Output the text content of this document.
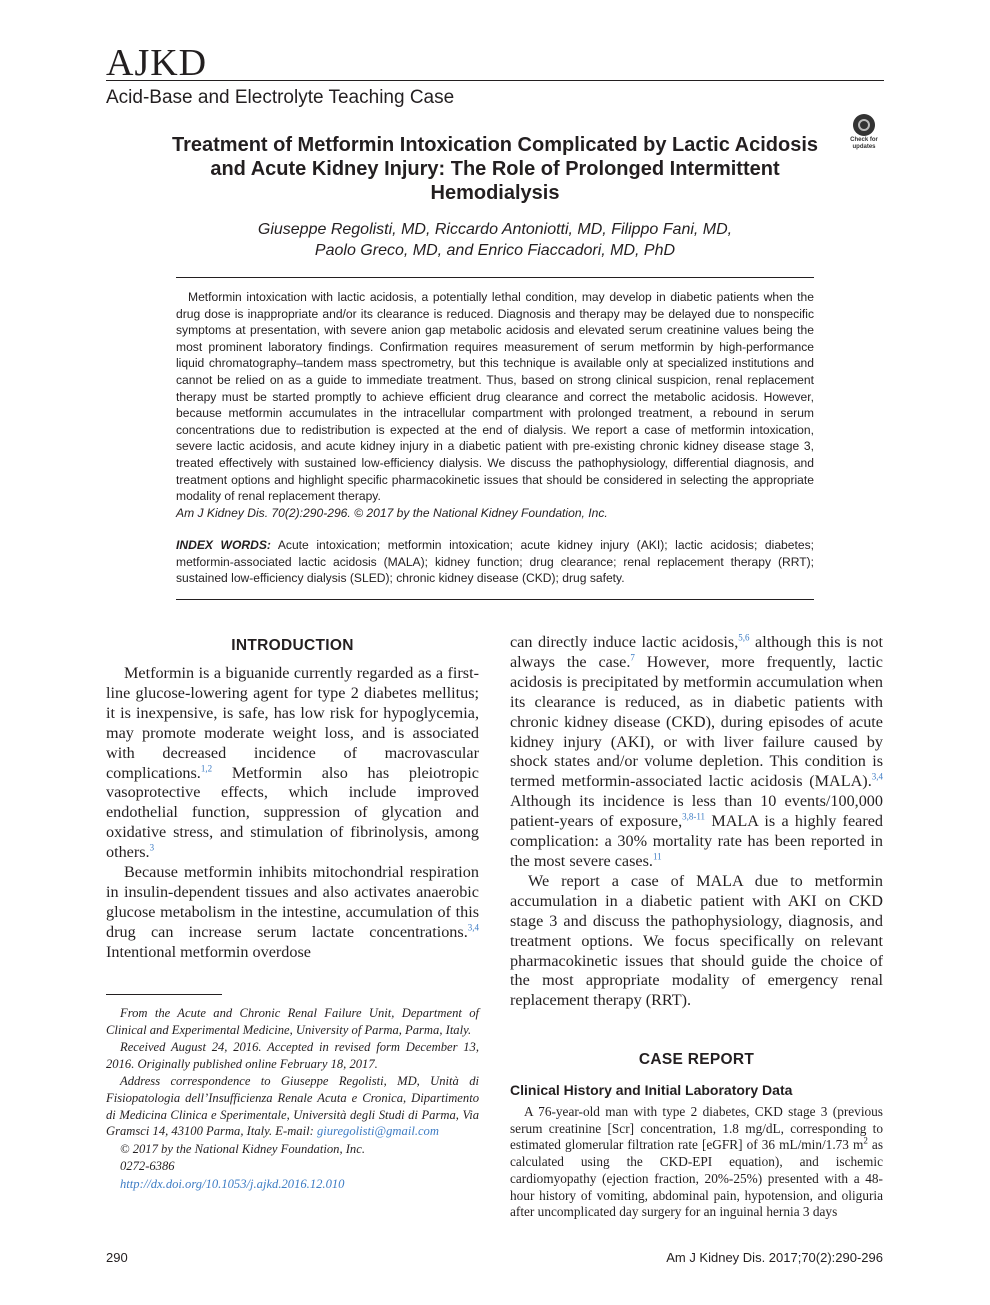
AJKD
Acid-Base and Electrolyte Teaching Case
Check for updates
Treatment of Metformin Intoxication Complicated by Lactic Acidosis and Acute Kidney Injury: The Role of Prolonged Intermittent Hemodialysis
Giuseppe Regolisti, MD, Riccardo Antoniotti, MD, Filippo Fani, MD,
Paolo Greco, MD, and Enrico Fiaccadori, MD, PhD
Metformin intoxication with lactic acidosis, a potentially lethal condition, may develop in diabetic patients when the drug dose is inappropriate and/or its clearance is reduced. Diagnosis and therapy may be delayed due to nonspecific symptoms at presentation, with severe anion gap metabolic acidosis and elevated serum creatinine values being the most prominent laboratory findings. Confirmation requires measurement of serum metformin by high-performance liquid chromatography–tandem mass spectrometry, but this technique is available only at specialized institutions and cannot be relied on as a guide to immediate treatment. Thus, based on strong clinical suspicion, renal replacement therapy must be started promptly to achieve efficient drug clearance and correct the metabolic acidosis. However, because metformin accumulates in the intracellular compartment with prolonged treatment, a rebound in serum concentrations due to redistribution is expected at the end of dialysis. We report a case of metformin intoxication, severe lactic acidosis, and acute kidney injury in a diabetic patient with pre-existing chronic kidney disease stage 3, treated effectively with sustained low-efficiency dialysis. We discuss the pathophysiology, differential diagnosis, and treatment options and highlight specific pharmacokinetic issues that should be considered in selecting the appropriate modality of renal replacement therapy.
Am J Kidney Dis. 70(2):290-296. © 2017 by the National Kidney Foundation, Inc.
INDEX WORDS: Acute intoxication; metformin intoxication; acute kidney injury (AKI); lactic acidosis; diabetes; metformin-associated lactic acidosis (MALA); kidney function; drug clearance; renal replacement therapy (RRT); sustained low-efficiency dialysis (SLED); chronic kidney disease (CKD); drug safety.
INTRODUCTION

Metformin is a biguanide currently regarded as a first-line glucose-lowering agent for type 2 diabetes mellitus; it is inexpensive, is safe, has low risk for hypoglycemia, may promote moderate weight loss, and is associated with decreased incidence of macrovascular complications.$^{1,2}$ Metformin also has pleiotropic vasoprotective effects, which include improved endothelial function, suppression of glycation and oxidative stress, and stimulation of fibrinolysis, among others.$^3$

Because metformin inhibits mitochondrial respiration in insulin-dependent tissues and also activates anaerobic glucose metabolism in the intestine, accumulation of this drug can increase serum lactate concentrations.$^{3,4}$ Intentional metformin overdose

can directly induce lactic acidosis,$^{5,6}$ although this is not always the case.$^7$ However, more frequently, lactic acidosis is precipitated by metformin accumulation when its clearance is reduced, as in diabetic patients with chronic kidney disease (CKD), during episodes of acute kidney injury (AKI), or with liver failure caused by shock states and/or volume depletion. This condition is termed metformin-associated lactic acidosis (MALA).$^{3,4}$ Although its incidence is less than 10 events/100,000 patient-years of exposure,$^{3,8-11}$ MALA is a highly feared complication: a 30% mortality rate has been reported in the most severe cases.$^{11}$

We report a case of MALA due to metformin accumulation in a diabetic patient with AKI on CKD stage 3 and discuss the pathophysiology, diagnosis, and treatment options. We focus specifically on relevant pharmacokinetic issues that should guide the choice of the most appropriate modality of emergency renal replacement therapy (RRT).

From the Acute and Chronic Renal Failure Unit, Department of Clinical and Experimental Medicine, University of Parma, Parma, Italy.

Received August 24, 2016. Accepted in revised form December 13, 2016. Originally published online February 18, 2017.

Address correspondence to Giuseppe Regolisti, MD, Unità di Fisiopatologia dell’Insufficienza Renale Acuta e Cronica, Dipartimento di Medicina Clinica e Sperimentale, Università degli Studi di Parma, Via Gramsci 14, 43100 Parma, Italy. E-mail: giuregolisti@gmail.com

© 2017 by the National Kidney Foundation, Inc.

0272-6386

http://dx.doi.org/10.1053/j.ajkd.2016.12.010

CASE REPORT
Clinical History and Initial Laboratory Data

A 76-year-old man with type 2 diabetes, CKD stage 3 (previous serum creatinine [Scr] concentration, 1.8 mg/dL, corresponding to estimated glomerular filtration rate [eGFR] of 36 mL/min/1.73 $m^2$ as calculated using the CKD-EPI equation), and ischemic cardiomyopathy (ejection fraction, 20%-25%) presented with a 48-hour history of vomiting, abdominal pain, hypotension, and oliguria after uncomplicated day surgery for an inguinal hernia 3 days

290	Am J Kidney Dis. 2017;70(2):290-296
